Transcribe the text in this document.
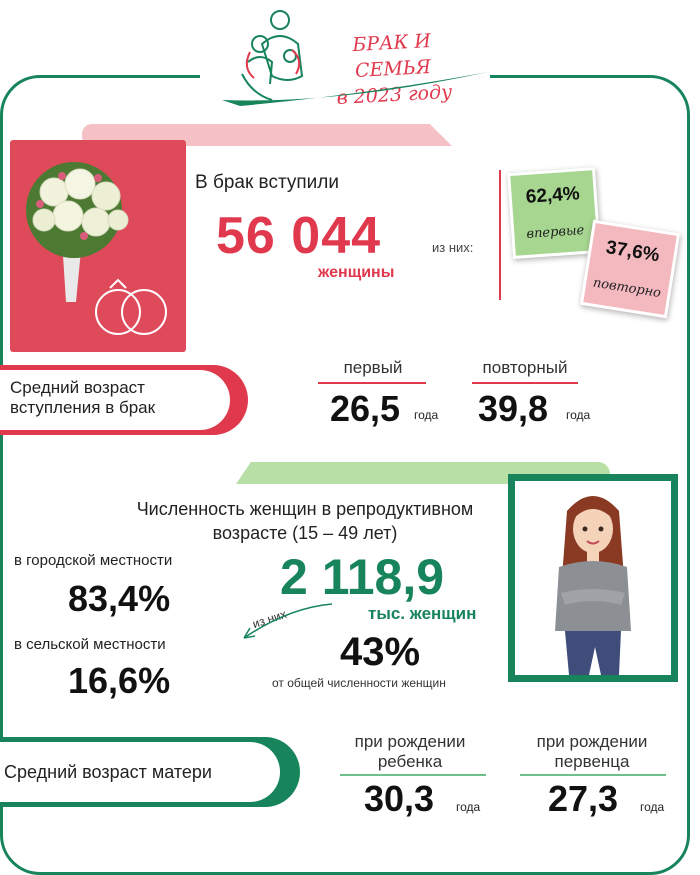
БРАК И СЕМЬЯ
в 2023 году
В брак вступили
56 044
женщины
из них:
62,4%
впервые
37,6%
повторно
Средний возраст вступления в брак
первый
26,5 года
повторный
39,8 года
Численность женщин в репродуктивном возрасте (15 – 49 лет)
в городской местности
83,4%
в сельской местности
16,6%
2 118,9
тыс. женщин
из них
43%
от общей численности женщин
Средний возраст матери
при рождении ребенка
30,3 года
при рождении первенца
27,3 года
